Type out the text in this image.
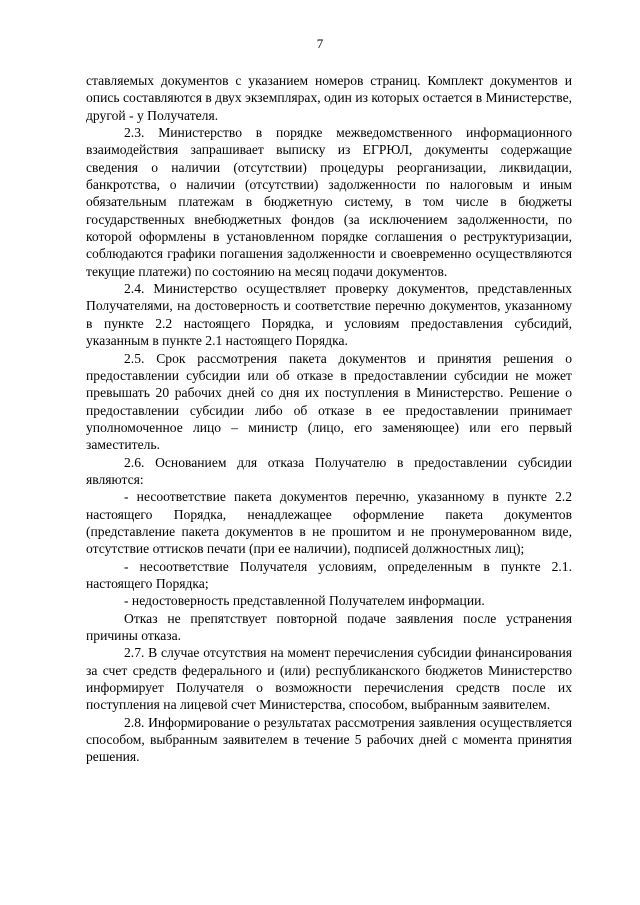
7

ставляемых документов с указанием номеров страниц. Комплект документов и опись составляются в двух экземплярах, один из которых остается в Министерстве, другой - у Получателя.

2.3. Министерство в порядке межведомственного информационного взаимодействия запрашивает выписку из ЕГРЮЛ, документы содержащие сведения о наличии (отсутствии) процедуры реорганизации, ликвидации, банкротства, о наличии (отсутствии) задолженности по налоговым и иным обязательным платежам в бюджетную систему, в том числе в бюджеты государственных внебюджетных фондов (за исключением задолженности, по которой оформлены в установленном порядке соглашения о реструктуризации, соблюдаются графики погашения задолженности и своевременно осуществляются текущие платежи) по состоянию на месяц подачи документов.

2.4. Министерство осуществляет проверку документов, представленных Получателями, на достоверность и соответствие перечню документов, указанному в пункте 2.2 настоящего Порядка, и условиям предоставления субсидий, указанным в пункте 2.1 настоящего Порядка.

2.5. Срок рассмотрения пакета документов и принятия решения о предоставлении субсидии или об отказе в предоставлении субсидии не может превышать 20 рабочих дней со дня их поступления в Министерство. Решение о предоставлении субсидии либо об отказе в ее предоставлении принимает уполномоченное лицо – министр (лицо, его заменяющее) или его первый заместитель.

2.6. Основанием для отказа Получателю в предоставлении субсидии являются:

- несоответствие пакета документов перечню, указанному в пункте 2.2 настоящего Порядка, ненадлежащее оформление пакета документов (представление пакета документов в не прошитом и не пронумерованном виде, отсутствие оттисков печати (при ее наличии), подписей должностных лиц);

- несоответствие Получателя условиям, определенным в пункте 2.1. настоящего Порядка;

- недостоверность представленной Получателем информации.

Отказ не препятствует повторной подаче заявления после устранения причины отказа.

2.7. В случае отсутствия на момент перечисления субсидии финансирования за счет средств федерального и (или) республиканского бюджетов Министерство информирует Получателя о возможности перечисления средств после их поступления на лицевой счет Министерства, способом, выбранным заявителем.

2.8. Информирование о результатах рассмотрения заявления осуществляется способом, выбранным заявителем в течение 5 рабочих дней с момента принятия решения.
